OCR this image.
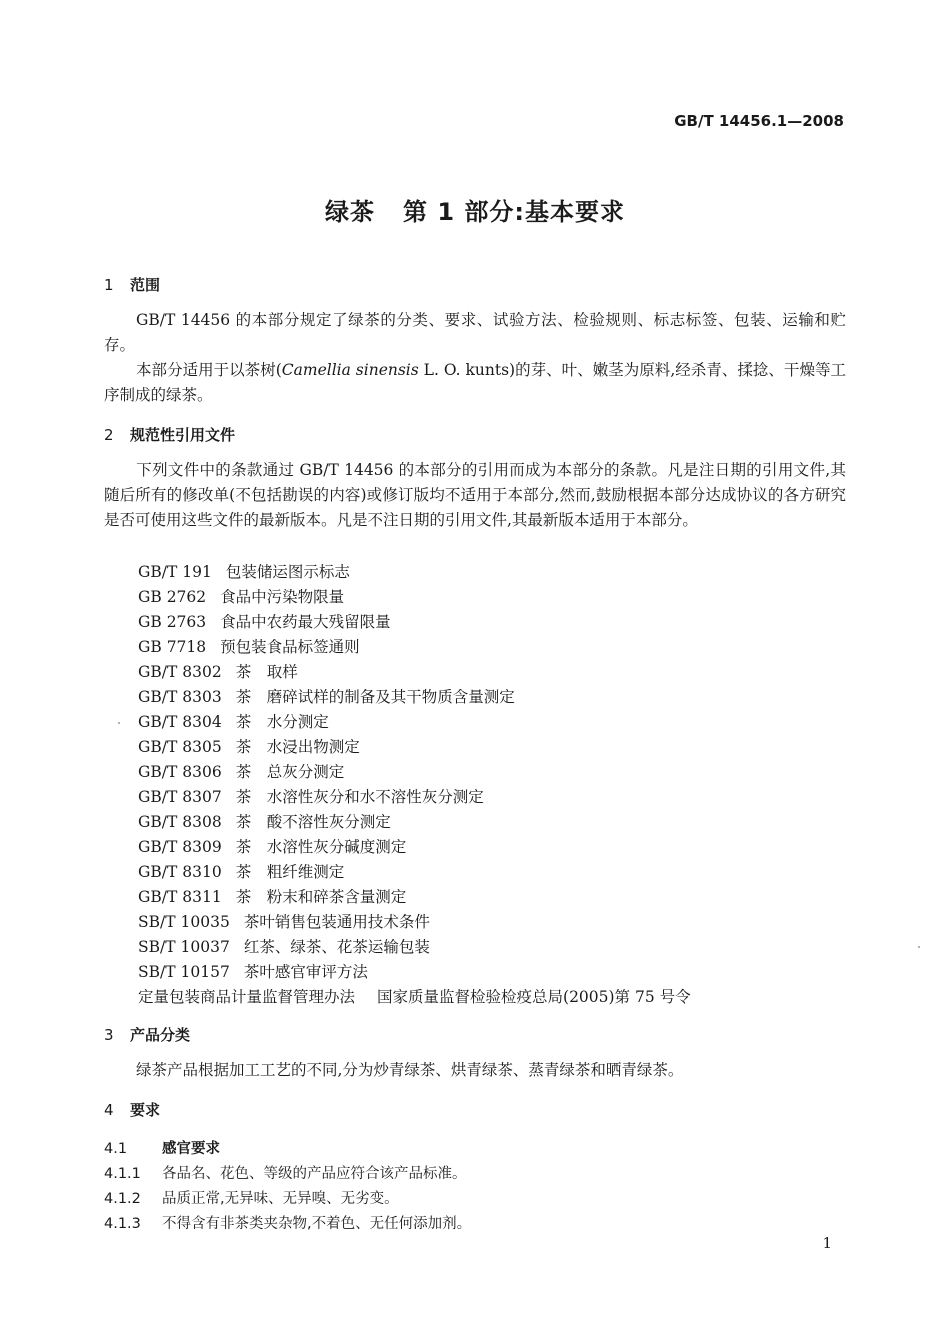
GB/T 14456.1—2008
绿茶 第 1 部分:基本要求
1 范围
GB/T 14456 的本部分规定了绿茶的分类、要求、试验方法、检验规则、标志标签、包装、运输和贮存。
本部分适用于以茶树(Camellia sinensis L. O. kunts)的芽、叶、嫩茎为原料,经杀青、揉捻、干燥等工序制成的绿茶。
2 规范性引用文件
下列文件中的条款通过 GB/T 14456 的本部分的引用而成为本部分的条款。凡是注日期的引用文件,其随后所有的修改单(不包括勘误的内容)或修订版均不适用于本部分,然而,鼓励根据本部分达成协议的各方研究是否可使用这些文件的最新版本。凡是不注日期的引用文件,其最新版本适用于本部分。
GB/T 191 包装储运图示标志
GB 2762 食品中污染物限量
GB 2763 食品中农药最大残留限量
GB 7718 预包装食品标签通则
GB/T 8302 茶　取样
GB/T 8303 茶　磨碎试样的制备及其干物质含量测定
GB/T 8304 茶　水分测定
GB/T 8305 茶　水浸出物测定
GB/T 8306 茶　总灰分测定
GB/T 8307 茶　水溶性灰分和水不溶性灰分测定
GB/T 8308 茶　酸不溶性灰分测定
GB/T 8309 茶　水溶性灰分碱度测定
GB/T 8310 茶　粗纤维测定
GB/T 8311 茶　粉末和碎茶含量测定
SB/T 10035 茶叶销售包装通用技术条件
SB/T 10037 红茶、绿茶、花茶运输包装
SB/T 10157 茶叶感官审评方法
定量包装商品计量监督管理办法 国家质量监督检验检疫总局(2005)第 75 号令
3 产品分类
绿茶产品根据加工工艺的不同,分为炒青绿茶、烘青绿茶、蒸青绿茶和晒青绿茶。
4 要求
4.1 感官要求
4.1.1 各品名、花色、等级的产品应符合该产品标准。
4.1.2 品质正常,无异味、无异嗅、无劣变。
4.1.3 不得含有非茶类夹杂物,不着色、无任何添加剂。
1
